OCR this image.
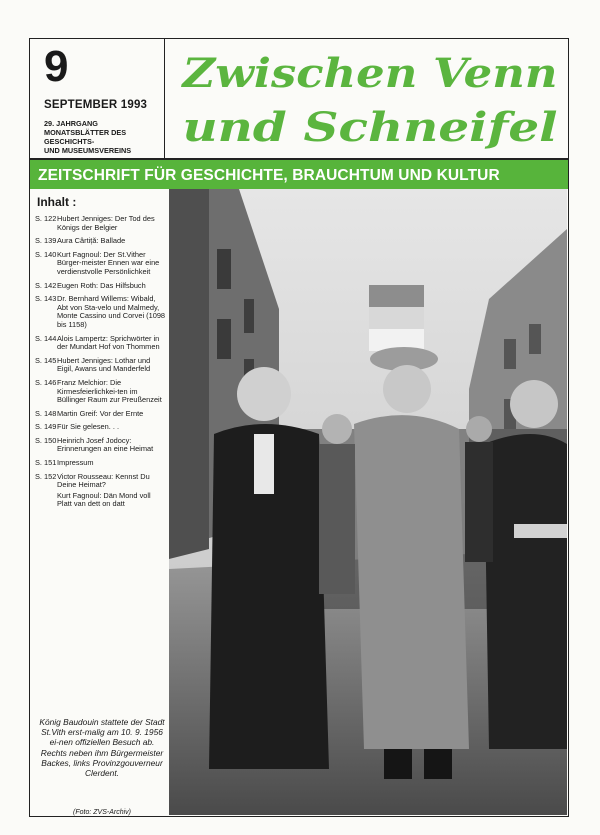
9
SEPTEMBER 1993
29. JAHRGANG
MONATSBLÄTTER DES GESCHICHTS-
UND MUSEUMSVEREINS
Zwischen Venn
und Schneifel
ZEITSCHRIFT FÜR GESCHICHTE, BRAUCHTUM UND KULTUR
Inhalt :
S. 122 Hubert Jenniges: Der Tod des Königs der Belgier
S. 139 Aura Cârtiță: Ballade
S. 140 Kurt Fagnoul: Der St.Vither Bürger-meister Ennen war eine verdienstvolle Persönlichkeit
S. 142 Eugen Roth: Das Hilfsbuch
S. 143 Dr. Bernhard Willems: Wibald, Abt von Sta-velo und Malmedy, Monte Cassino und Corvei (1098 bis 1158)
S. 144 Alois Lampertz: Sprichwörter in der Mundart Hof von Thommen
S. 145 Hubert Jenniges: Lothar und Eigil, Awans und Manderfeld
S. 146 Franz Melchior: Die Kirmesfeierlichkei-ten im Büllinger Raum zur Preußenzeit
S. 148 Martin Greif: Vor der Ernte
S. 149 Für Sie gelesen. . .
S. 150 Heinrich Josef Jodocy: Erinnerungen an eine Heimat
S. 151 Impressum
S. 152 Victor Rousseau: Kennst Du Deine Heimat?
Kurt Fagnoul: Dän Mond voll Platt van dett on datt
König Baudouin stattete der Stadt St.Vith erst-malig am 10. 9. 1956 ei-nen offiziellen Besuch ab. Rechts neben ihm Bürgermeister Backes, links Provinzgouverneur Clerdent.
(Foto: ZVS-Archiv)
